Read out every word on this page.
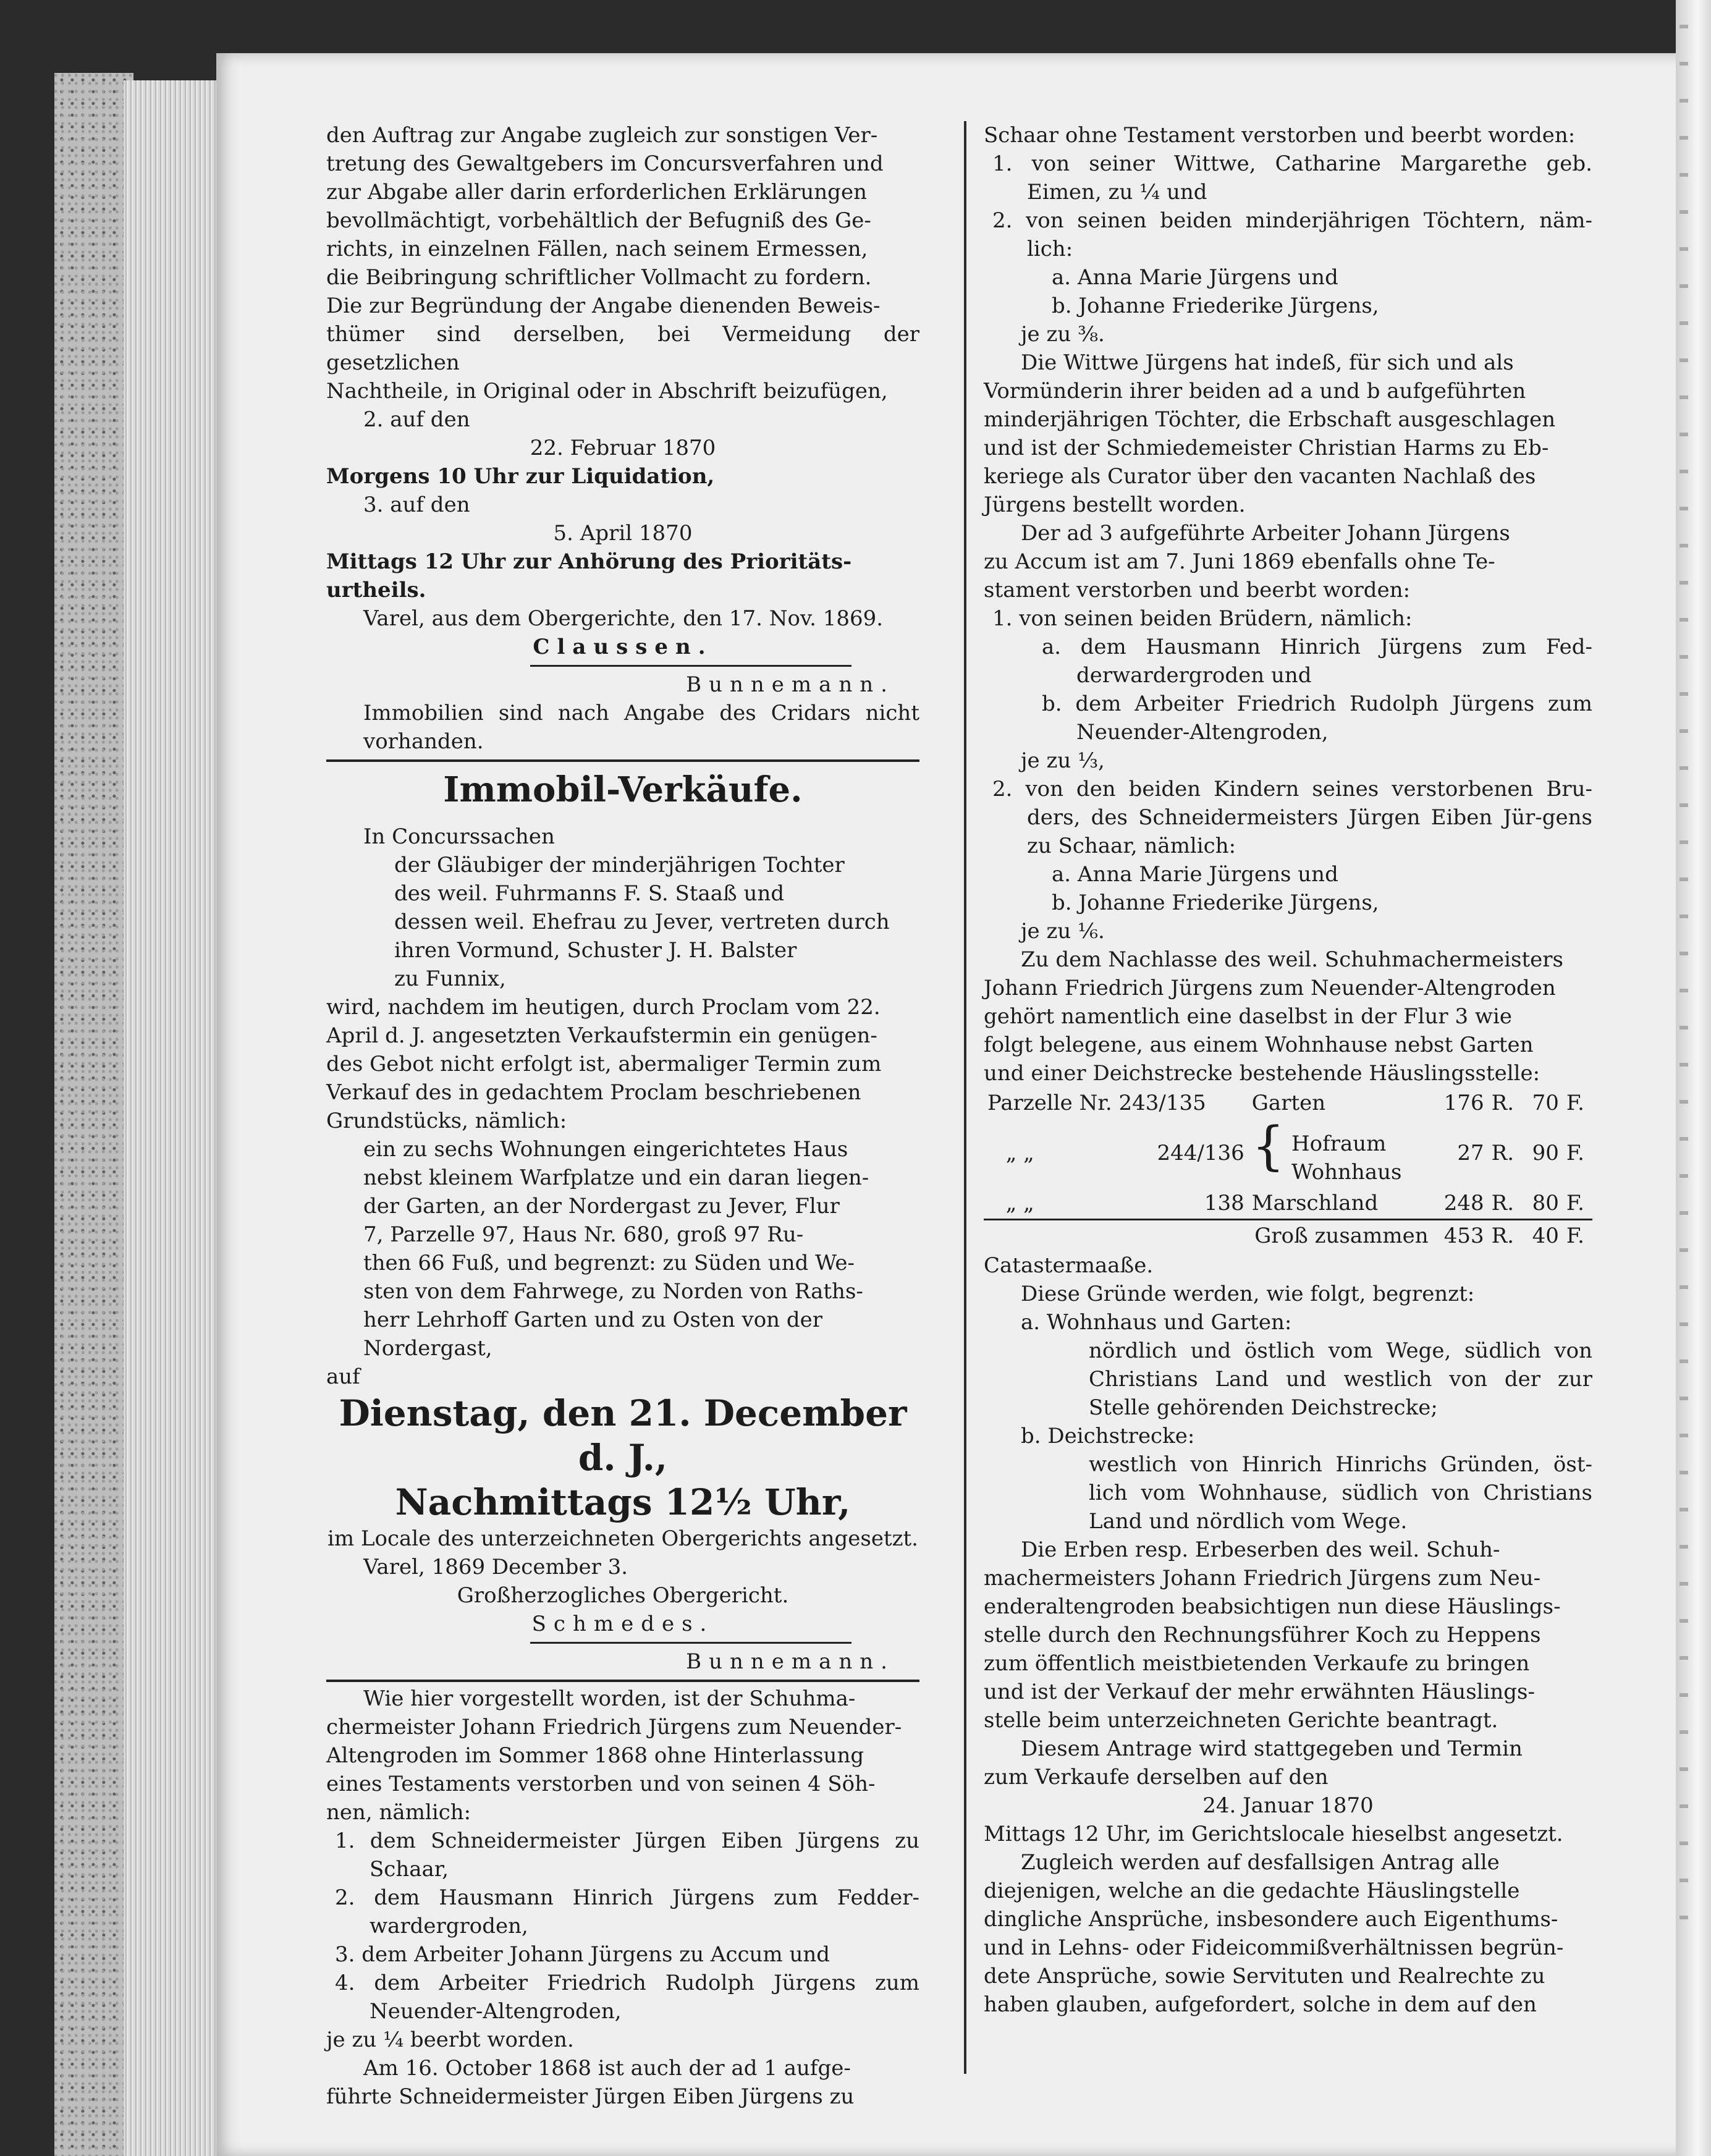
den Auftrag zur Angabe zugleich zur sonstigen Ver-

tretung des Gewaltgebers im Concursverfahren und

zur Abgabe aller darin erforderlichen Erklärungen

bevollmächtigt, vorbehältlich der Befugniß des Ge-

richts, in einzelnen Fällen, nach seinem Ermessen,

die Beibringung schriftlicher Vollmacht zu fordern.

Die zur Begründung der Angabe dienenden Beweis-

thümer sind derselben, bei Vermeidung der gesetzlichen

Nachtheile, in Original oder in Abschrift beizufügen,

2. auf den

22. Februar 1870

Morgens 10 Uhr zur Liquidation,

3. auf den

5. April 1870

Mittags 12 Uhr zur Anhörung des Prioritäts-

urtheils.

Varel, aus dem Obergerichte, den 17. Nov. 1869.

Claussen.

Bunnemann.

Immobilien sind nach Angabe des Cridars nicht vorhanden.

Immobil-Verkäufe.

In Concurssachen

der Gläubiger der minderjährigen Tochter

des weil. Fuhrmanns F. S. Staaß und

dessen weil. Ehefrau zu Jever, vertreten durch

ihren Vormund, Schuster J. H. Balster

zu Funnix,

wird, nachdem im heutigen, durch Proclam vom 22.

April d. J. angesetzten Verkaufstermin ein genügen-

des Gebot nicht erfolgt ist, abermaliger Termin zum

Verkauf des in gedachtem Proclam beschriebenen

Grundstücks, nämlich:

ein zu sechs Wohnungen eingerichtetes Haus

nebst kleinem Warfplatze und ein daran liegen-

der Garten, an der Nordergast zu Jever, Flur

7, Parzelle 97, Haus Nr. 680, groß 97 Ru-

then 66 Fuß, und begrenzt: zu Süden und We-

sten von dem Fahrwege, zu Norden von Raths-

herr Lehrhoff Garten und zu Osten von der

Nordergast,

auf

Dienstag, den 21. December d. J.,
Nachmittags 12½ Uhr,

im Locale des unterzeichneten Obergerichts angesetzt.

Varel, 1869 December 3.

Großherzogliches Obergericht.

Schmedes.

Bunnemann.

Wie hier vorgestellt worden, ist der Schuhma-

chermeister Johann Friedrich Jürgens zum Neuender-

Altengroden im Sommer 1868 ohne Hinterlassung

eines Testaments verstorben und von seinen 4 Söh-

nen, nämlich:

1. dem Schneidermeister Jürgen Eiben Jürgens zu Schaar,

2. dem Hausmann Hinrich Jürgens zum Fedder-wardergroden,

3. dem Arbeiter Johann Jürgens zu Accum und

4. dem Arbeiter Friedrich Rudolph Jürgens zum Neuender-Altengroden,

je zu ¼ beerbt worden.

Am 16. October 1868 ist auch der ad 1 aufge-

führte Schneidermeister Jürgen Eiben Jürgens zu

Schaar ohne Testament verstorben und beerbt worden:

1. von seiner Wittwe, Catharine Margarethe geb. Eimen, zu ¼ und

2. von seinen beiden minderjährigen Töchtern, näm-lich:

a. Anna Marie Jürgens und

b. Johanne Friederike Jürgens,

je zu ⅜.

Die Wittwe Jürgens hat indeß, für sich und als

Vormünderin ihrer beiden ad a und b aufgeführten

minderjährigen Töchter, die Erbschaft ausgeschlagen

und ist der Schmiedemeister Christian Harms zu Eb-

keriege als Curator über den vacanten Nachlaß des

Jürgens bestellt worden.

Der ad 3 aufgeführte Arbeiter Johann Jürgens

zu Accum ist am 7. Juni 1869 ebenfalls ohne Te-

stament verstorben und beerbt worden:

1. von seinen beiden Brüdern, nämlich:

a. dem Hausmann Hinrich Jürgens zum Fed-derwardergroden und

b. dem Arbeiter Friedrich Rudolph Jürgens zum Neuender-Altengroden,

je zu ⅓,

2. von den beiden Kindern seines verstorbenen Bru-ders, des Schneidermeisters Jürgen Eiben Jür-gens zu Schaar, nämlich:

a. Anna Marie Jürgens und

b. Johanne Friederike Jürgens,

je zu ⅙.

Zu dem Nachlasse des weil. Schuhmachermeisters

Johann Friedrich Jürgens zum Neuender-Altengroden

gehört namentlich eine daselbst in der Flur 3 wie

folgt belegene, aus einem Wohnhause nebst Garten

und einer Deichstrecke bestehende Häuslingsstelle:

Parzelle Nr. 243/135		Garten	176	R.	70	F.
„ „	244/136	{ Hofraum
Wohnhaus	27	R.	90	F.
„ „	138	Marschland	248	R.	80	F.
Groß zusammen			453	R.	40	F.

Catastermaaße.

Diese Gründe werden, wie folgt, begrenzt:

a. Wohnhaus und Garten:

nördlich und östlich vom Wege, südlich von Christians Land und westlich von der zur Stelle gehörenden Deichstrecke;

b. Deichstrecke:

westlich von Hinrich Hinrichs Gründen, öst-lich vom Wohnhause, südlich von Christians Land und nördlich vom Wege.

Die Erben resp. Erbeserben des weil. Schuh-

machermeisters Johann Friedrich Jürgens zum Neu-

enderaltengroden beabsichtigen nun diese Häuslings-

stelle durch den Rechnungsführer Koch zu Heppens

zum öffentlich meistbietenden Verkaufe zu bringen

und ist der Verkauf der mehr erwähnten Häuslings-

stelle beim unterzeichneten Gerichte beantragt.

Diesem Antrage wird stattgegeben und Termin

zum Verkaufe derselben auf den

24. Januar 1870

Mittags 12 Uhr, im Gerichtslocale hieselbst angesetzt.

Zugleich werden auf desfallsigen Antrag alle

diejenigen, welche an die gedachte Häuslingstelle

dingliche Ansprüche, insbesondere auch Eigenthums-

und in Lehns- oder Fideicommißverhältnissen begrün-

dete Ansprüche, sowie Servituten und Realrechte zu

haben glauben, aufgefordert, solche in dem auf den
